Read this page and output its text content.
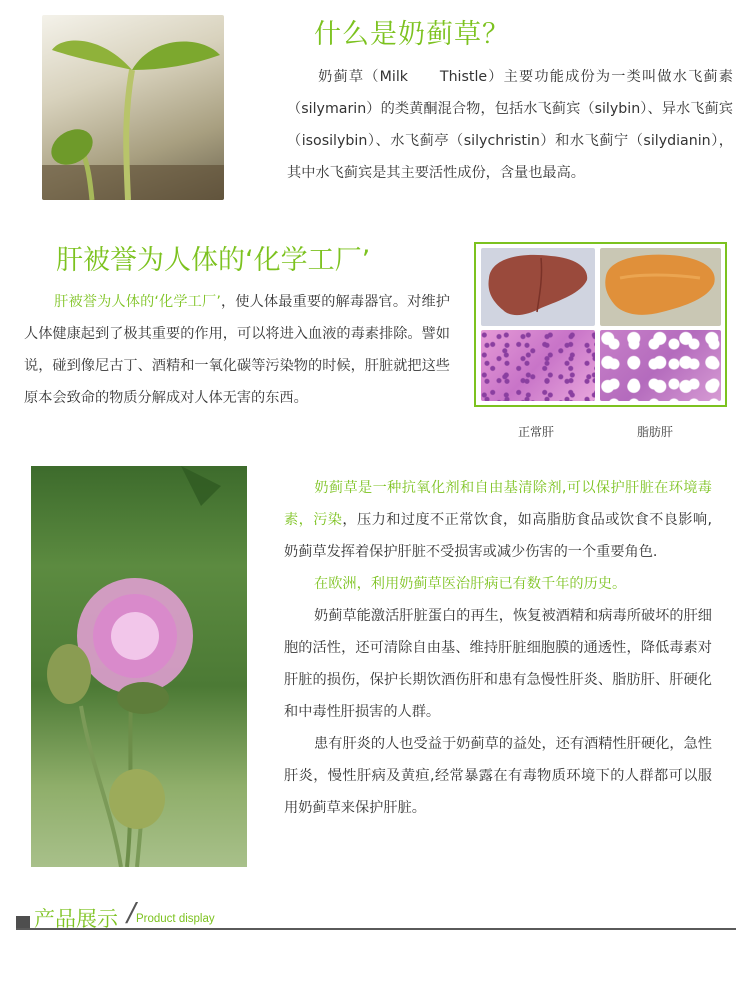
什么是奶蓟草？

奶蓟草（Milk　　Thistle）主要功能成份为一类叫做水飞蓟素（silymarin）的类黄酮混合物，包括水飞蓟宾（silybin）、异水飞蓟宾（isosilybin）、水飞蓟亭（silychristin）和水飞蓟宁（silydianin），其中水飞蓟宾是其主要活性成份，含量也最高。

肝被誉为人体的‘化学工厂’

肝被誉为人体的‘化学工厂’，使人体最重要的解毒器官。对维护人体健康起到了极其重要的作用，可以将进入血液的毒素排除。譬如说，碰到像尼古丁、酒精和一氧化碳等污染物的时候，肝脏就把这些原本会致命的物质分解成对人体无害的东西。

正常肝	脂肪肝

奶蓟草是一种抗氧化剂和自由基清除剂,可以保护肝脏在环境毒素，污染，压力和过度不正常饮食，如高脂肪食品或饮食不良影响,奶蓟草发挥着保护肝脏不受损害或减少伤害的一个重要角色.

在欧洲，利用奶蓟草医治肝病已有数千年的历史。

奶蓟草能激活肝脏蛋白的再生，恢复被酒精和病毒所破坏的肝细胞的活性，还可清除自由基、维持肝脏细胞膜的通透性，降低毒素对肝脏的损伤，保护长期饮酒伤肝和患有急慢性肝炎、脂肪肝、肝硬化和中毒性肝损害的人群。

患有肝炎的人也受益于奶蓟草的益处，还有酒精性肝硬化，急性肝炎，慢性肝病及黄疸,经常暴露在有毒物质环境下的人群都可以服用奶蓟草来保护肝脏。

产品展示 / Product display
